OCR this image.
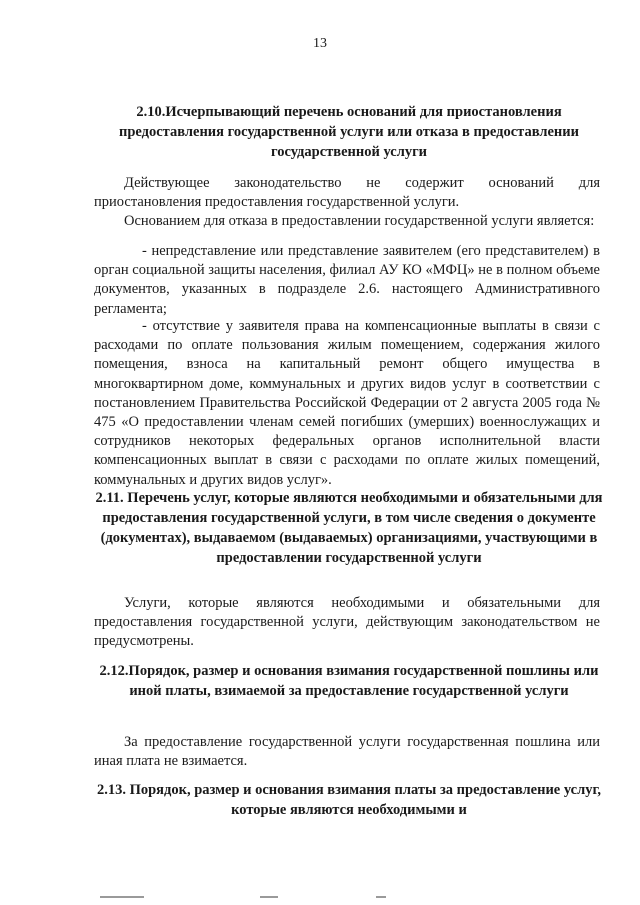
13
2.10.Исчерпывающий перечень оснований для приостановления предоставления государственной услуги или отказа в предоставлении государственной услуги

Действующее законодательство не содержит оснований для приостановления предоставления государственной услуги.

Основанием для отказа в предоставлении государственной услуги является:

- непредставление или представление заявителем (его представителем) в орган социальной защиты населения, филиал АУ КО «МФЦ» не в полном объеме документов, указанных в подразделе 2.6. настоящего Административного регламента;

- отсутствие у заявителя права на компенсационные выплаты в связи с расходами по оплате пользования жилым помещением, содержания жилого помещения, взноса на капитальный ремонт общего имущества в многоквартирном доме, коммунальных и других видов услуг в соответствии с постановлением Правительства Российской Федерации от 2 августа 2005 года № 475 «О предоставлении членам семей погибших (умерших) военнослужащих и сотрудников некоторых федеральных органов исполнительной власти компенсационных выплат в связи с расходами по оплате жилых помещений, коммунальных и других видов услуг».

2.11. Перечень услуг, которые являются необходимыми и обязательными для предоставления государственной услуги, в том числе сведения о документе (документах), выдаваемом (выдаваемых) организациями, участвующими в предоставлении государственной услуги

Услуги, которые являются необходимыми и обязательными для предоставления государственной услуги, действующим законодательством не предусмотрены.

2.12.Порядок, размер и основания взимания государственной пошлины или иной платы, взимаемой за предоставление государственной услуги

За предоставление государственной услуги государственная пошлина или иная плата не взимается.

2.13. Порядок, размер и основания взимания платы за предоставление услуг, которые являются необходимыми и
